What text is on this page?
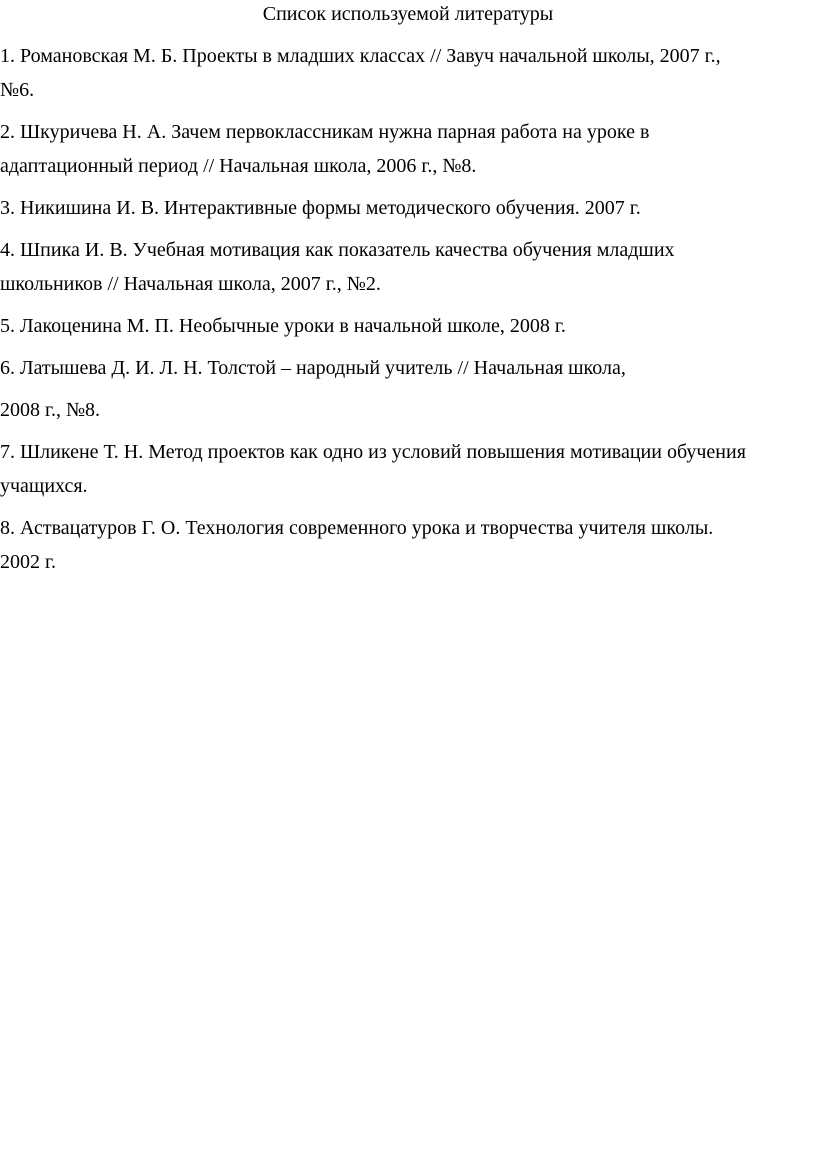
Список используемой литературы
1. Романовская М. Б. Проекты в младших классах // Завуч начальной школы, 2007 г.,
№6.
2. Шкуричева Н. А. Зачем первоклассникам нужна парная работа на уроке в
адаптационный период // Начальная школа, 2006 г., №8.
3. Никишина И. В. Интерактивные формы методического обучения. 2007 г.
4. Шпика И. В. Учебная мотивация как показатель качества обучения младших
школьников // Начальная школа, 2007 г., №2.
5. Лакоценина М. П. Необычные уроки в начальной школе, 2008 г.
6. Латышева Д. И. Л. Н. Толстой – народный учитель // Начальная школа,
2008 г., №8.
7. Шликене Т. Н. Метод проектов как одно из условий повышения мотивации обучения
учащихся.
8. Аствацатуров Г. О. Технология современного урока и творчества учителя школы.
2002 г.
